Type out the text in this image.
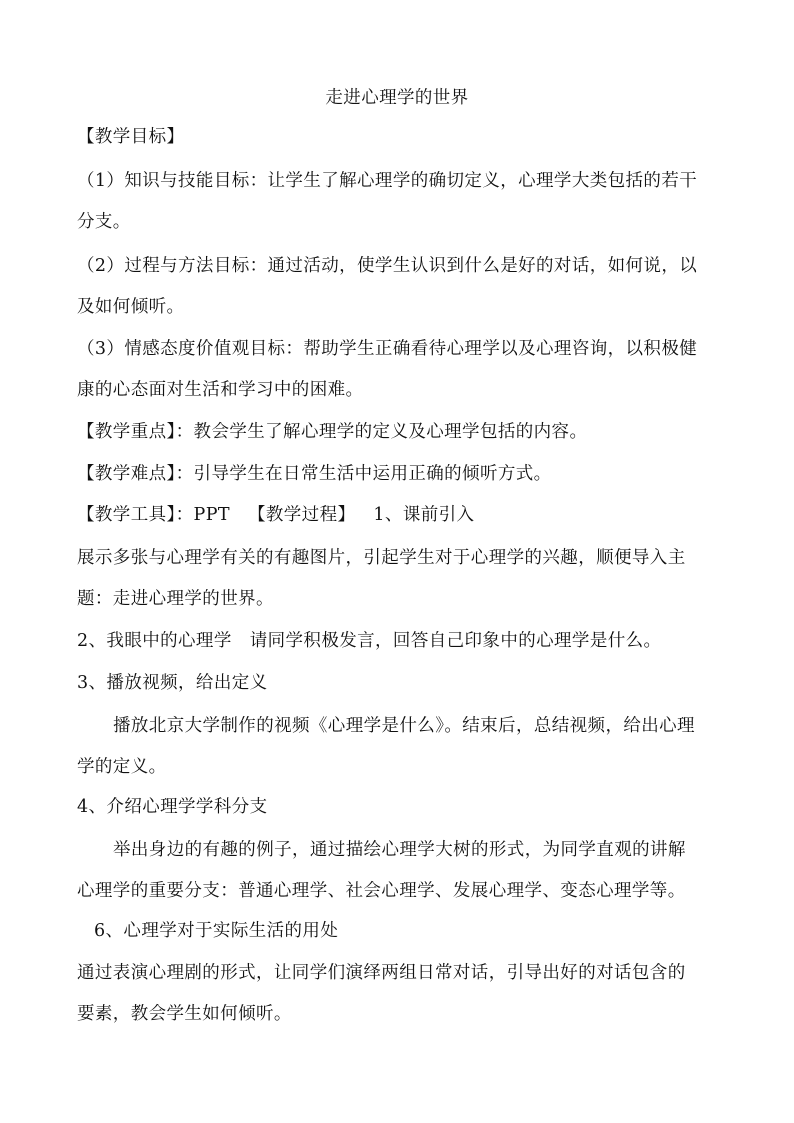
走进心理学的世界
【教学目标】
（1）知识与技能目标：让学生了解心理学的确切定义，心理学大类包括的若干
分支。
（2）过程与方法目标：通过活动，使学生认识到什么是好的对话，如何说，以
及如何倾听。
（3）情感态度价值观目标：帮助学生正确看待心理学以及心理咨询，以积极健
康的心态面对生活和学习中的困难。
【教学重点】：教会学生了解心理学的定义及心理学包括的内容。
【教学难点】：引导学生在日常生活中运用正确的倾听方式。
【教学工具】：PPT 【教学过程】 1、课前引入
展示多张与心理学有关的有趣图片，引起学生对于心理学的兴趣，顺便导入主
题：走进心理学的世界。
2、我眼中的心理学 请同学积极发言，回答自己印象中的心理学是什么。
3、播放视频，给出定义
播放北京大学制作的视频《心理学是什么》。结束后，总结视频，给出心理
学的定义。
4、介绍心理学学科分支
举出身边的有趣的例子，通过描绘心理学大树的形式，为同学直观的讲解
心理学的重要分支：普通心理学、社会心理学、发展心理学、变态心理学等。
6、心理学对于实际生活的用处
通过表演心理剧的形式，让同学们演绎两组日常对话，引导出好的对话包含的
要素，教会学生如何倾听。
